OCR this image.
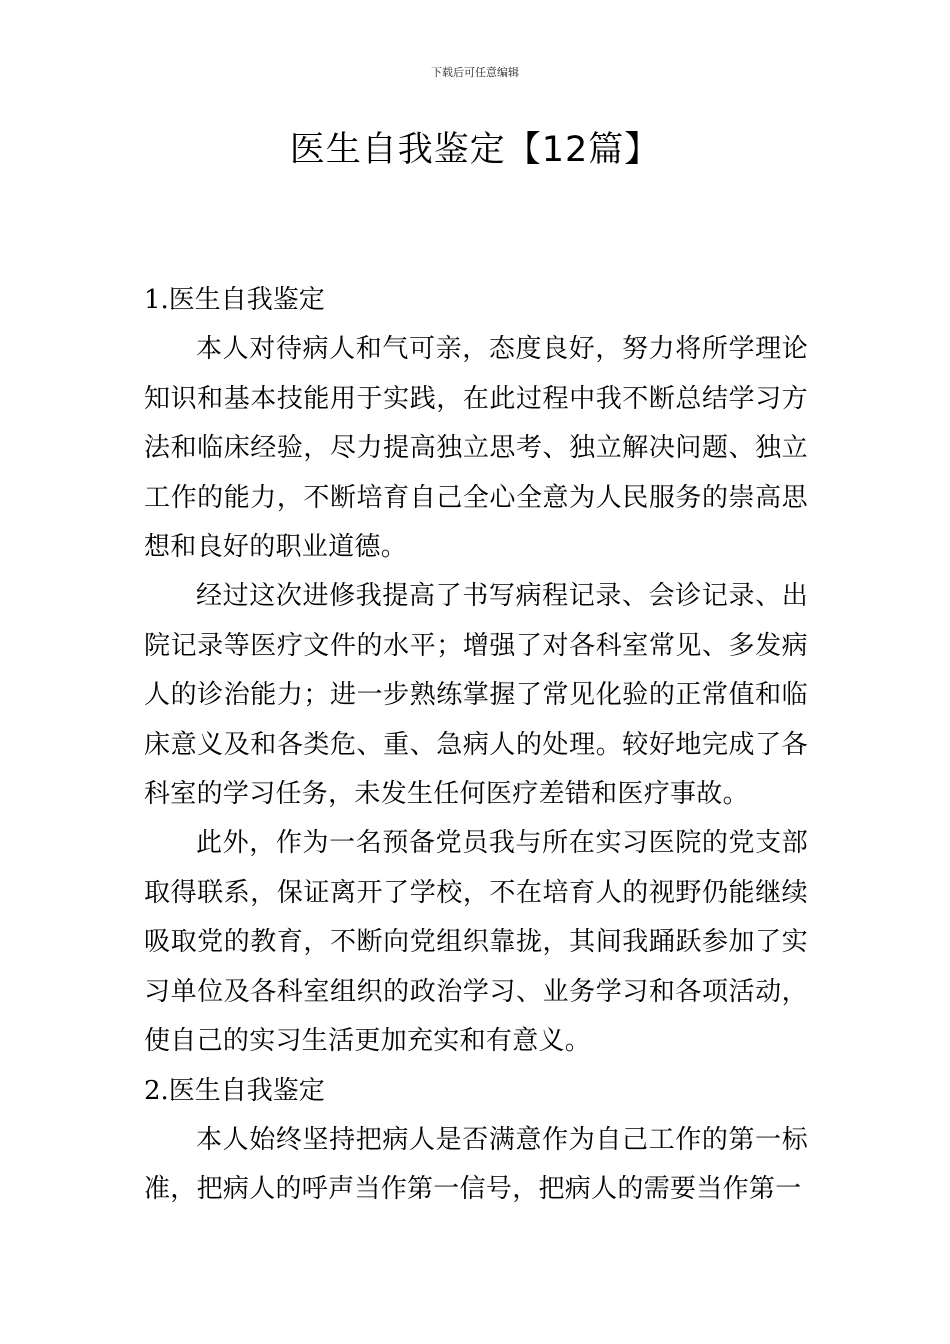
下载后可任意编辑
医生自我鉴定【12篇】

1.医生自我鉴定

本人对待病人和气可亲，态度良好，努力将所学理论知识和基本技能用于实践，在此过程中我不断总结学习方法和临床经验，尽力提高独立思考、独立解决问题、独立工作的能力，不断培育自己全心全意为人民服务的崇高思想和良好的职业道德。

经过这次进修我提高了书写病程记录、会诊记录、出院记录等医疗文件的水平；增强了对各科室常见、多发病人的诊治能力；进一步熟练掌握了常见化验的正常值和临床意义及和各类危、重、急病人的处理。较好地完成了各科室的学习任务，未发生任何医疗差错和医疗事故。

此外，作为一名预备党员我与所在实习医院的党支部取得联系，保证离开了学校，不在培育人的视野仍能继续吸取党的教育，不断向党组织靠拢，其间我踊跃参加了实习单位及各科室组织的政治学习、业务学习和各项活动，使自己的实习生活更加充实和有意义。

2.医生自我鉴定

本人始终坚持把病人是否满意作为自己工作的第一标准，把病人的呼声当作第一信号，把病人的需要当作第一
